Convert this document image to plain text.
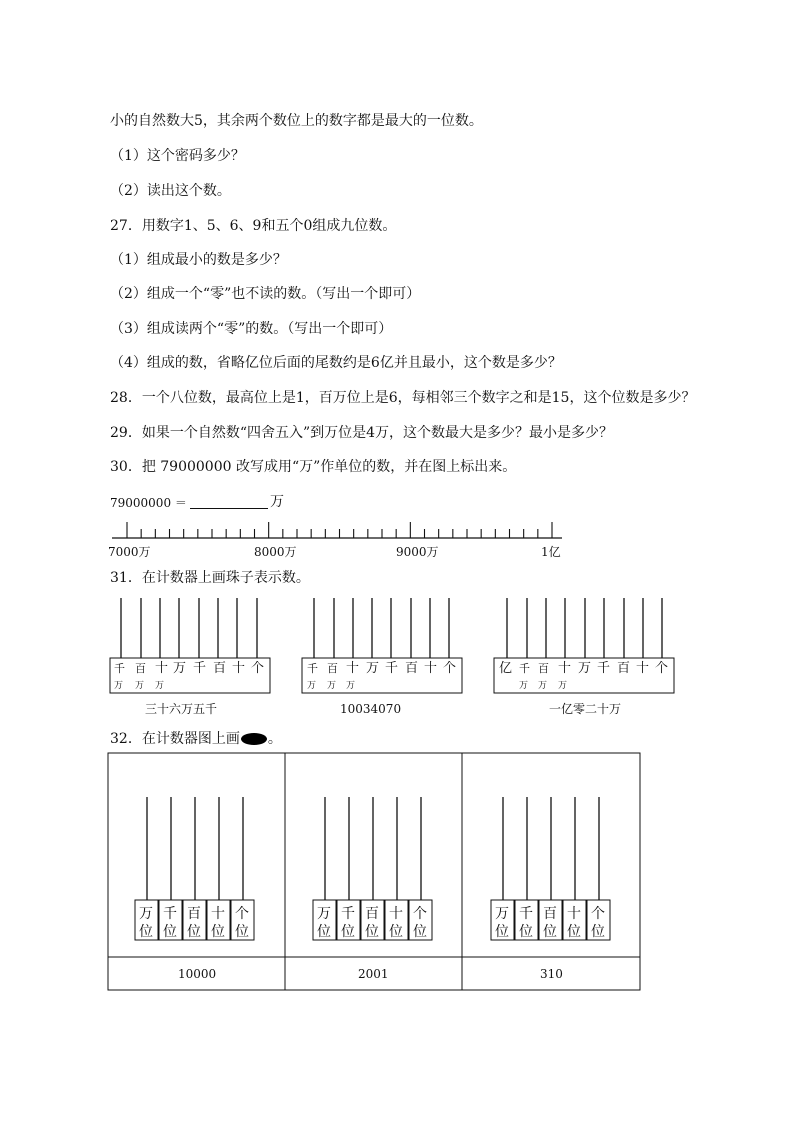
小的自然数大5，其余两个数位上的数字都是最大的一位数。
（1）这个密码多少？
（2）读出这个数。
27．用数字1、5、6、9和五个0组成九位数。
（1）组成最小的数是多少？
（2）组成一个“零”也不读的数。（写出一个即可）
（3）组成读两个“零”的数。（写出一个即可）
（4）组成的数，省略亿位后面的尾数约是6亿并且最小，这个数是多少？
28．一个八位数，最高位上是1，百万位上是6，每相邻三个数字之和是15，这个位数是多少？
29．如果一个自然数“四舍五入”到万位是4万，这个数最大是多少？最小是多少？
30．把 79000000 改写成用“万”作单位的数，并在图上标出来。
79000000 ＝	万
7000万	8000万	9000万	1亿
31．在计数器上画珠子表示数。
千
万
百
万
十
万
万 千 百 十 个
三十六万五千
千
万
百
万
十
万
万 千 百 十 个
10034070
亿 千
万
百
万
十
万
万 千 百 十 个
一亿零二十万
32．在计数器图上画 。
万
位
千
位
百
位
十
位
个
位
万
位
千
位
百
位
十
位
个
位
万
位
千
位
百
位
十
位
个
位
10000	2001	310
